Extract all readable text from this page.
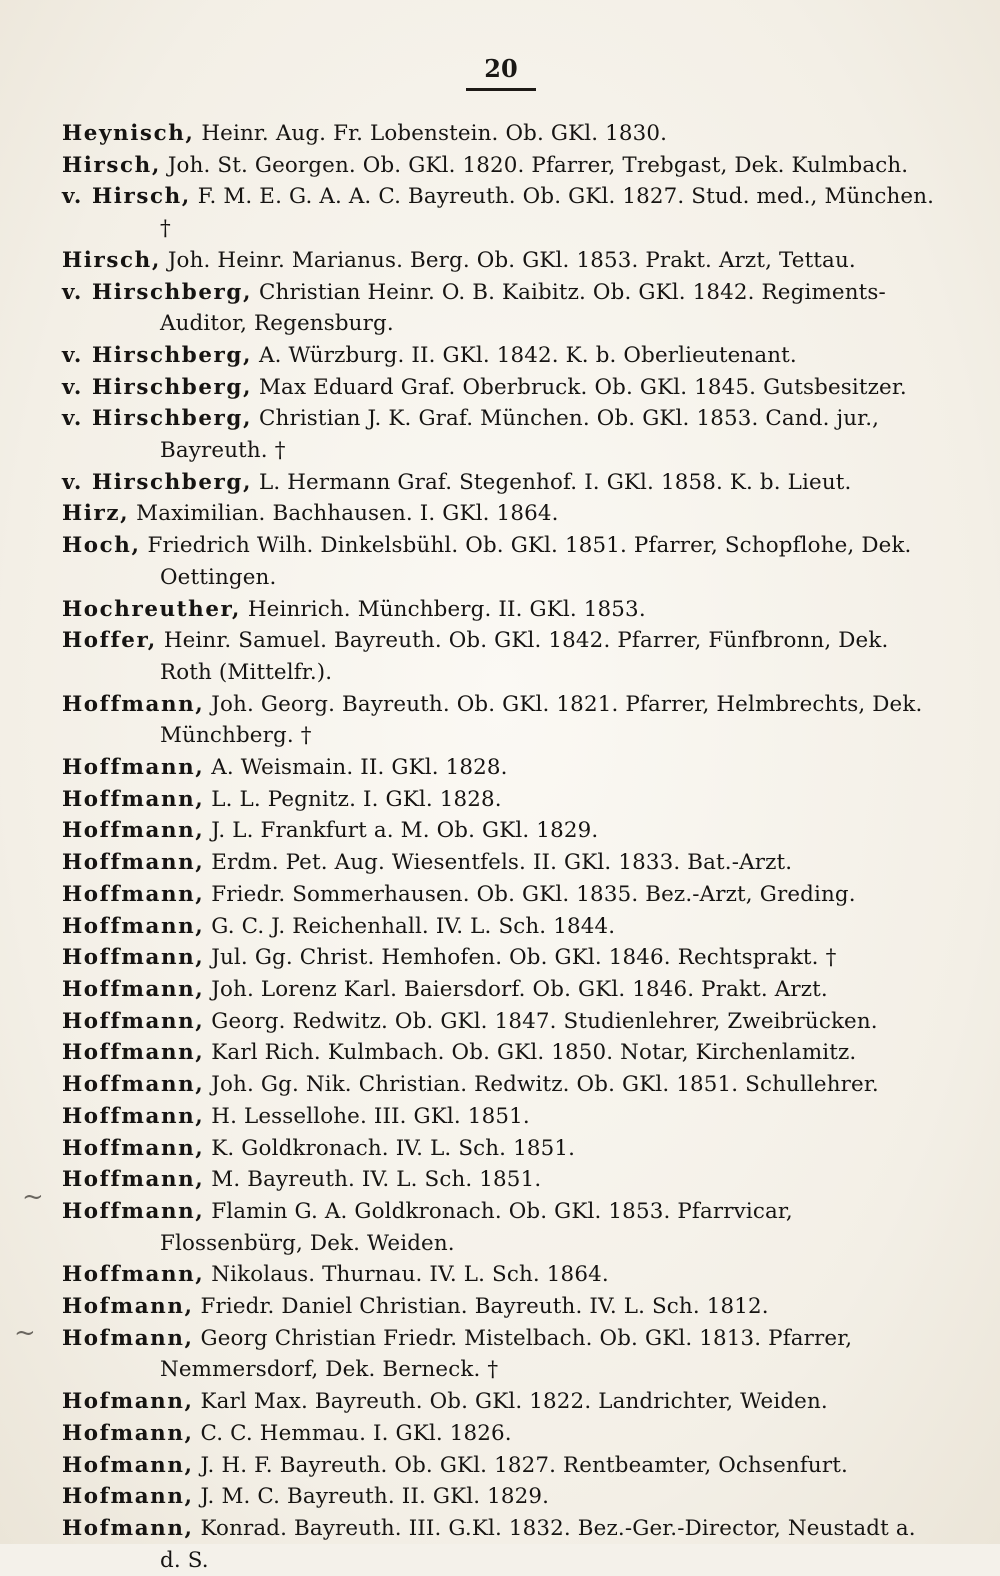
20
Heynisch, Heinr. Aug. Fr. Lobenstein. Ob. GKl. 1830.
Hirsch, Joh. St. Georgen. Ob. GKl. 1820. Pfarrer, Trebgast, Dek. Kulmbach.
v. Hirsch, F. M. E. G. A. A. C. Bayreuth. Ob. GKl. 1827. Stud. med., München. †
Hirsch, Joh. Heinr. Marianus. Berg. Ob. GKl. 1853. Prakt. Arzt, Tettau.
v. Hirschberg, Christian Heinr. O. B. Kaibitz. Ob. GKl. 1842. Regiments-Auditor, Regensburg.
v. Hirschberg, A. Würzburg. II. GKl. 1842. K. b. Oberlieutenant.
v. Hirschberg, Max Eduard Graf. Oberbruck. Ob. GKl. 1845. Gutsbesitzer.
v. Hirschberg, Christian J. K. Graf. München. Ob. GKl. 1853. Cand. jur., Bayreuth. †
v. Hirschberg, L. Hermann Graf. Stegenhof. I. GKl. 1858. K. b. Lieut.
Hirz, Maximilian. Bachhausen. I. GKl. 1864.
Hoch, Friedrich Wilh. Dinkelsbühl. Ob. GKl. 1851. Pfarrer, Schopflohe, Dek. Oettingen.
Hochreuther, Heinrich. Münchberg. II. GKl. 1853.
Hoffer, Heinr. Samuel. Bayreuth. Ob. GKl. 1842. Pfarrer, Fünfbronn, Dek. Roth (Mittelfr.).
Hoffmann, Joh. Georg. Bayreuth. Ob. GKl. 1821. Pfarrer, Helmbrechts, Dek. Münchberg. †
Hoffmann, A. Weismain. II. GKl. 1828.
Hoffmann, L. L. Pegnitz. I. GKl. 1828.
Hoffmann, J. L. Frankfurt a. M. Ob. GKl. 1829.
Hoffmann, Erdm. Pet. Aug. Wiesentfels. II. GKl. 1833. Bat.-Arzt.
Hoffmann, Friedr. Sommerhausen. Ob. GKl. 1835. Bez.-Arzt, Greding.
Hoffmann, G. C. J. Reichenhall. IV. L. Sch. 1844.
Hoffmann, Jul. Gg. Christ. Hemhofen. Ob. GKl. 1846. Rechtsprakt. †
Hoffmann, Joh. Lorenz Karl. Baiersdorf. Ob. GKl. 1846. Prakt. Arzt.
Hoffmann, Georg. Redwitz. Ob. GKl. 1847. Studienlehrer, Zweibrücken.
Hoffmann, Karl Rich. Kulmbach. Ob. GKl. 1850. Notar, Kirchenlamitz.
Hoffmann, Joh. Gg. Nik. Christian. Redwitz. Ob. GKl. 1851. Schullehrer.
Hoffmann, H. Lessellohe. III. GKl. 1851.
Hoffmann, K. Goldkronach. IV. L. Sch. 1851.
Hoffmann, M. Bayreuth. IV. L. Sch. 1851.
Hoffmann, Flamin G. A. Goldkronach. Ob. GKl. 1853. Pfarrvicar, Flossenbürg, Dek. Weiden.
Hoffmann, Nikolaus. Thurnau. IV. L. Sch. 1864.
Hofmann, Friedr. Daniel Christian. Bayreuth. IV. L. Sch. 1812.
Hofmann, Georg Christian Friedr. Mistelbach. Ob. GKl. 1813. Pfarrer, Nemmersdorf, Dek. Berneck. †
Hofmann, Karl Max. Bayreuth. Ob. GKl. 1822. Landrichter, Weiden.
Hofmann, C. C. Hemmau. I. GKl. 1826.
Hofmann, J. H. F. Bayreuth. Ob. GKl. 1827. Rentbeamter, Ochsenfurt.
Hofmann, J. M. C. Bayreuth. II. GKl. 1829.
Hofmann, Konrad. Bayreuth. III. G.Kl. 1832. Bez.-Ger.-Director, Neustadt a. d. S.
~
~
